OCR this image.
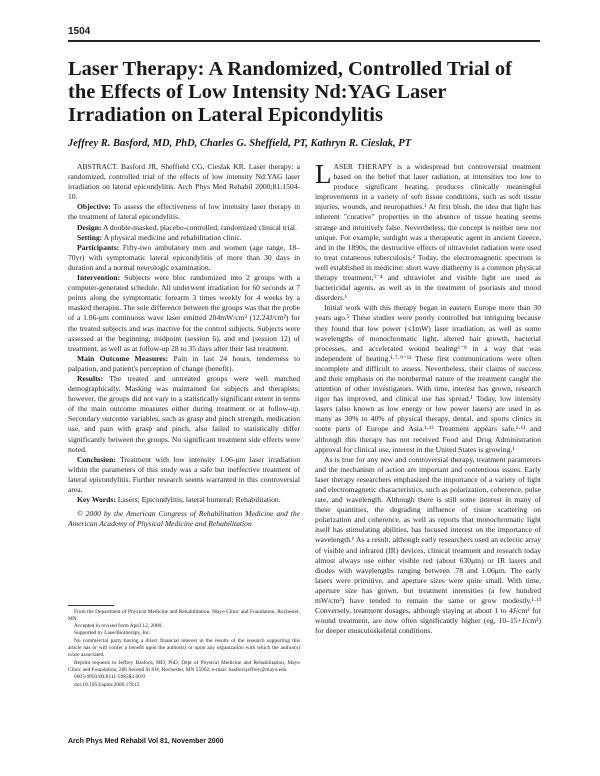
1504
Laser Therapy: A Randomized, Controlled Trial of the Effects of Low Intensity Nd:YAG Laser Irradiation on Lateral Epicondylitis

Jeffrey R. Basford, MD, PhD, Charles G. Sheffield, PT, Kathryn R. Cieslak, PT

ABSTRACT. Basford JR, Sheffield CG, Cieslak KR. Laser therapy: a randomized, controlled trial of the effects of low intensity Nd:YAG laser irradiation on lateral epicondylitis. Arch Phys Med Rehabil 2000;81:1504-10.

Objective: To assess the effectiveness of low intensity laser therapy in the treatment of lateral epicondylitis.

Design: A double-masked, placebo-controlled, randomized clinical trial.

Setting: A physical medicine and rehabilitation clinic.

Participants: Fifty-two ambulatory men and women (age range, 18–70yr) with symptomatic lateral epicondylitis of more than 30 days in duration and a normal neurologic examination.

Intervention: Subjects were bloc randomized into 2 groups with a computer-generated schedule. All underwent irradiation for 60 seconds at 7 points along the symptomatic forearm 3 times weekly for 4 weeks by a masked therapist. The sole difference between the groups was that the probe of a 1.06-μm continuous wave laser emitted 204mW/cm² (12.24J/cm²) for the treated subjects and was inactive for the control subjects. Subjects were assessed at the beginning, midpoint (session 6), and end (session 12) of treatment, as well as at follow-up 28 to 35 days after their last treatment.

Main Outcome Measures: Pain in last 24 hours, tenderness to palpation, and patient's perception of change (benefit).

Results: The treated and untreated groups were well matched demographically. Masking was maintained for subjects and therapists; however, the groups did not vary to a statistically significant extent in terms of the main outcome measures either during treatment or at follow-up. Secondary outcome variables, such as grasp and pinch strength, medication use, and pain with grasp and pinch, also failed to statistically differ significantly between the groups. No significant treatment side effects were noted.

Conclusion: Treatment with low intensity 1.06-μm laser irradiation within the parameters of this study was a safe but ineffective treatment of lateral epicondylitis. Further research seems warranted in this controversial area.

Key Words: Lasers; Epicondylitis, lateral humeral; Rehabilitation.

© 2000 by the American Congress of Rehabilitation Medicine and the American Academy of Physical Medicine and Rehabilitation

From the Department of Physical Medicine and Rehabilitation, Mayo Clinic and Foundation, Rochester, MN.

Accepted in revised form April 12, 2000.

Supported by LaserBiotherapy, Inc.

No commercial party having a direct financial interest in the results of the research supporting this article has or will confer a benefit upon the author(s) or upon any organization with which the author(s) is/are associated.

Reprint requests to Jeffrey Basford, MD, PhD, Dept of Physical Medicine and Rehabilitation, Mayo Clinic and Foundation, 200 Second St SW, Rochester, MN 55902, e-mail: basford.jeffrey@mayo.edu.

0003-9993/00/8111-5983$3.00/0

doi:10.1053/apmr.2000.17812

LASER THERAPY is a widespread but controversial treatment based on the belief that laser radiation, at intensities too low to produce significant heating, produces clinically meaningful improvements in a variety of soft tissue conditions, such as soft tissue injuries, wounds, and neuropathies.¹ At first blush, the idea that light has inherent "curative" properties in the absence of tissue heating seems strange and intuitively false. Nevertheless, the concept is neither new nor unique. For example, sunlight was a therapeutic agent in ancient Greece, and in the 1890s, the destructive effects of ultraviolet radiation were used to treat cutaneous tuberculosis.² Today, the electromagnetic spectrum is well established in medicine: short wave diathermy is a common physical therapy treatment,³⁻⁴ and ultraviolet and visible light are used as bactericidal agents, as well as in the treatment of psoriasis and mood disorders.¹

Initial work with this therapy began in eastern Europe more than 30 years ago.⁵ These studies were poorly controlled but intriguing because they found that low power (≤1mW) laser irradiation, as well as some wavelengths of monochromatic light, altered hair growth, bacterial processes, and accelerated wound healing⁶⁻⁸ in a way that was independent of heating.¹·⁷·⁹⁻¹² These first communications were often incomplete and difficult to assess. Nevertheless, their claims of success and their emphasis on the nonthermal nature of the treatment caught the attention of other investigators. With time, interest has grown, research rigor has improved, and clinical use has spread.¹ Today, low intensity lasers (also known as low energy or low power lasers) are used in as many as 30% to 40% of physical therapy, dental, and sports clinics in some parts of Europe and Asia.¹·¹³ Treatment appears safe,¹·¹³ and although this therapy has not received Food and Drug Administration approval for clinical use, interest in the United States is growing.¹

As is true for any new and controversial therapy, treatment parameters and the mechanism of action are important and contentious issues. Early laser therapy researchers emphasized the importance of a variety of light and electromagnetic characteristics, such as polarization, coherence, pulse rate, and wavelength. Although there is still some interest in many of these quantities, the degrading influence of tissue scattering on polarization and coherence, as well as reports that monochromatic light itself has stimulating abilities, has focused interest on the importance of wavelength.¹ As a result, although early researchers used an eclectic array of visible and infrared (IR) devices, clinical treatment and research today almost always use either visible red (about 630μm) or IR lasers and diodes with wavelengths ranging between .78 and 1.06μm. The early lasers were primitive, and aperture sizes were quite small. With time, aperture size has grown, but treatment intensities (a few hundred mW/cm²) have tended to remain the same or grow modestly.¹·¹³ Conversely, treatment dosages, although staying at about 1 to 4J/cm² for wound treatment, are now often significantly higher (eg, 10–15+J/cm²) for deeper musculoskeletal conditions.

Arch Phys Med Rehabil Vol 81, November 2000
